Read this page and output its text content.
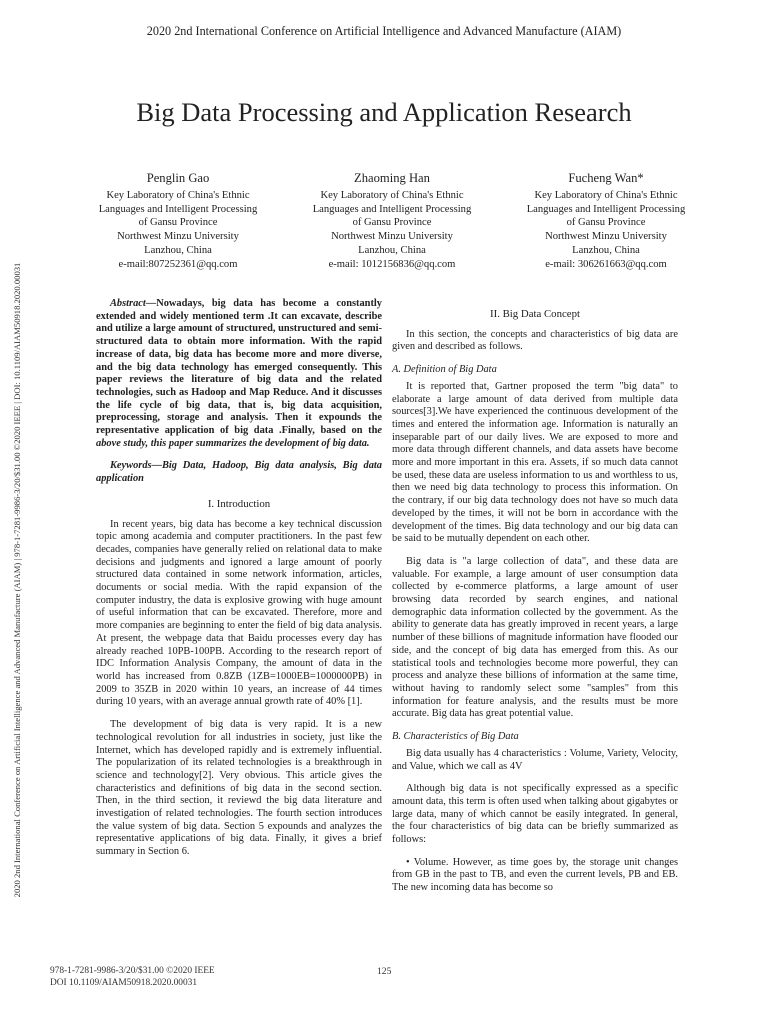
2020 2nd International Conference on Artificial Intelligence and Advanced Manufacture (AIAM)
2020 2nd International Conference on Artificial Intelligence and Advanced Manufacture (AIAM) | 978-1-7281-9986-3/20/$31.00 ©2020 IEEE | DOI: 10.1109/AIAM50918.2020.00031
Big Data Processing and Application Research
Penglin Gao
Key Laboratory of China's Ethnic
Languages and Intelligent Processing
of Gansu Province
Northwest Minzu University
Lanzhou, China
e-mail:807252361@qq.com
Zhaoming Han
Key Laboratory of China's Ethnic
Languages and Intelligent Processing
of Gansu Province
Northwest Minzu University
Lanzhou, China
e-mail: 1012156836@qq.com
Fucheng Wan*
Key Laboratory of China's Ethnic
Languages and Intelligent Processing
of Gansu Province
Northwest Minzu University
Lanzhou, China
e-mail: 306261663@qq.com

Abstract—Nowadays, big data has become a constantly extended and widely mentioned term .It can excavate, describe and utilize a large amount of structured, unstructured and semi-structured data to obtain more information. With the rapid increase of data, big data has become more and more diverse, and the big data technology has emerged consequently. This paper reviews the literature of big data and the related technologies, such as Hadoop and Map Reduce. And it discusses the life cycle of big data, that is, big data acquisition, preprocessing, storage and analysis. Then it expounds the representative application of big data .Finally, based on the above study, this paper summarizes the development of big data.

Keywords—Big Data, Hadoop, Big data analysis, Big data application

I. Introduction

In recent years, big data has become a key technical discussion topic among academia and computer practitioners. In the past few decades, companies have generally relied on relational data to make decisions and judgments and ignored a large amount of poorly structured data contained in some network information, articles, documents or social media. With the rapid expansion of the computer industry, the data is explosive growing with huge amount of useful information that can be excavated. Therefore, more and more companies are beginning to enter the field of big data analysis. At present, the webpage data that Baidu processes every day has already reached 10PB-100PB. According to the research report of IDC Information Analysis Company, the amount of data in the world has increased from 0.8ZB (1ZB=1000EB=1000000PB) in 2009 to 35ZB in 2020 within 10 years, an increase of 44 times during 10 years, with an average annual growth rate of 40% [1].

The development of big data is very rapid. It is a new technological revolution for all industries in society, just like the Internet, which has developed rapidly and is extremely influential. The popularization of its related technologies is a breakthrough in science and technology[2]. Very obvious. This article gives the characteristics and definitions of big data in the second section. Then, in the third section, it reviewd the big data literature and investigation of related technologies. The fourth section introduces the value system of big data. Section 5 expounds and analyzes the representative applications of big data. Finally, it gives a brief summary in Section 6.

II. Big Data Concept

In this section, the concepts and characteristics of big data are given and described as follows.

A. Definition of Big Data

It is reported that, Gartner proposed the term "big data" to elaborate a large amount of data derived from multiple data sources[3].We have experienced the continuous development of the times and entered the information age. Information is naturally an inseparable part of our daily lives. We are exposed to more and more data through different channels, and data assets have become more and more important in this era. Assets, if so much data cannot be used, these data are useless information to us and worthless to us, then we need big data technology to process this information. On the contrary, if our big data technology does not have so much data developed by the times, it will not be born in accordance with the development of the times. Big data technology and our big data can be said to be mutually dependent on each other.

Big data is "a large collection of data", and these data are valuable. For example, a large amount of user consumption data collected by e-commerce platforms, a large amount of user browsing data recorded by search engines, and national demographic data information collected by the government. As the ability to generate data has greatly improved in recent years, a large number of these billions of magnitude information have flooded our side, and the concept of big data has emerged from this. As our statistical tools and technologies become more powerful, they can process and analyze these billions of information at the same time, without having to randomly select some "samples" from this information for feature analysis, and the results must be more accurate. Big data has great potential value.

B. Characteristics of Big Data

Big data usually has 4 characteristics : Volume, Variety, Velocity, and Value, which we call as 4V

Although big data is not specifically expressed as a specific amount data, this term is often used when talking about gigabytes or large data, many of which cannot be easily integrated. In general, the four characteristics of big data can be briefly summarized as follows:

• Volume. However, as time goes by, the storage unit changes from GB in the past to TB, and even the current levels, PB and EB. The new incoming data has become so

978-1-7281-9986-3/20/$31.00 ©2020 IEEE
DOI 10.1109/AIAM50918.2020.00031
125
